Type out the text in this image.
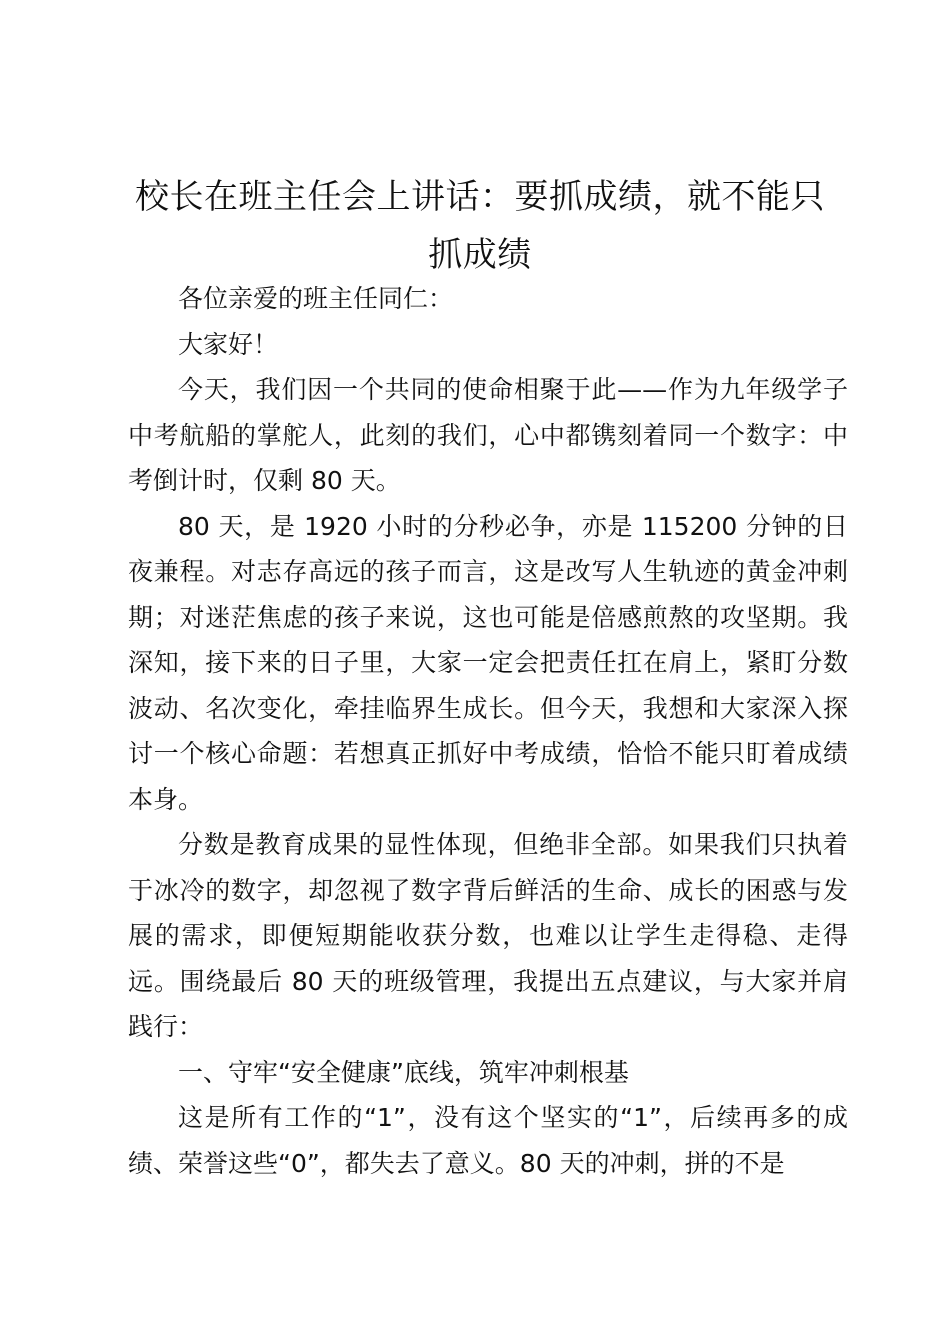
校长在班主任会上讲话：要抓成绩，就不能只抓成绩

各位亲爱的班主任同仁：

大家好！

今天，我们因一个共同的使命相聚于此——作为九年级学子中考航船的掌舵人，此刻的我们，心中都镌刻着同一个数字：中考倒计时，仅剩 80 天。

80 天，是 1920 小时的分秒必争，亦是 115200 分钟的日夜兼程。对志存高远的孩子而言，这是改写人生轨迹的黄金冲刺期；对迷茫焦虑的孩子来说，这也可能是倍感煎熬的攻坚期。我深知，接下来的日子里，大家一定会把责任扛在肩上，紧盯分数波动、名次变化，牵挂临界生成长。但今天，我想和大家深入探讨一个核心命题：若想真正抓好中考成绩，恰恰不能只盯着成绩本身。

分数是教育成果的显性体现，但绝非全部。如果我们只执着于冰冷的数字，却忽视了数字背后鲜活的生命、成长的困惑与发展的需求，即便短期能收获分数，也难以让学生走得稳、走得远。围绕最后 80 天的班级管理，我提出五点建议，与大家并肩践行：

一、守牢“安全健康”底线，筑牢冲刺根基

这是所有工作的“1”，没有这个坚实的“1”，后续再多的成绩、荣誉这些“0”，都失去了意义。80 天的冲刺，拼的不是
